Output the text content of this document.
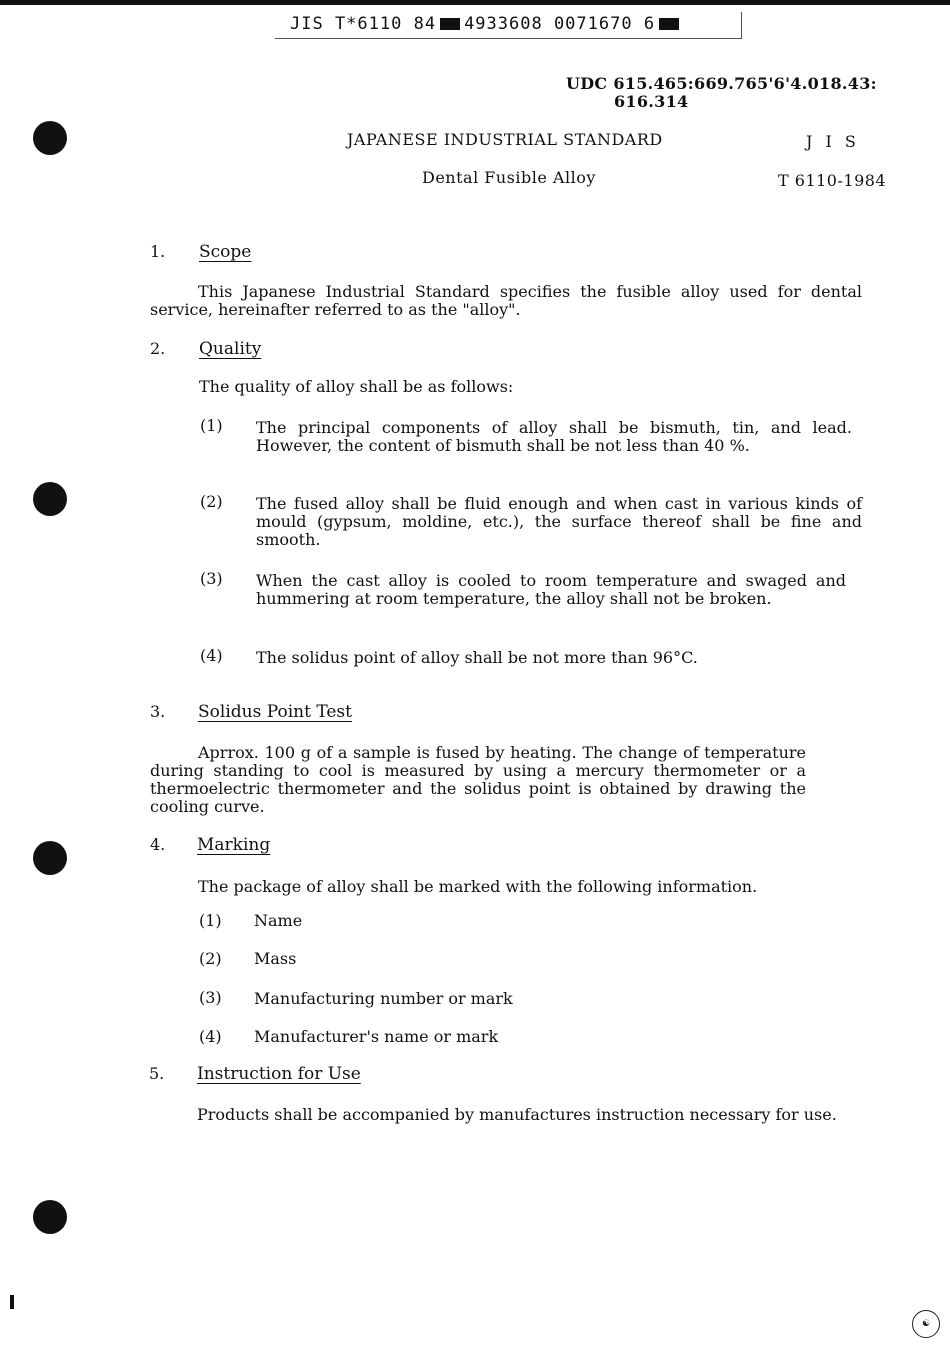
JIS T*6110 84 4933608 0071670 6
UDC 615.465:669.765'6'4.018.43:
616.314
JAPANESE INDUSTRIAL STANDARD	J I S
Dental Fusible Alloy	T 6110-1984
1. Scope
This Japanese Industrial Standard specifies the fusible alloy used for dental service, hereinafter referred to as the "alloy".
2. Quality
The quality of alloy shall be as follows:
(1) The principal components of alloy shall be bismuth, tin, and lead. However, the content of bismuth shall be not less than 40 %.
(2) The fused alloy shall be fluid enough and when cast in various kinds of mould (gypsum, moldine, etc.), the surface thereof shall be fine and smooth.
(3) When the cast alloy is cooled to room temperature and swaged and hummering at room temperature, the alloy shall not be broken.
(4) The solidus point of alloy shall be not more than 96°C.
3. Solidus Point Test
Aprrox. 100 g of a sample is fused by heating. The change of temperature during standing to cool is measured by using a mercury thermometer or a thermoelectric thermometer and the solidus point is obtained by drawing the cooling curve.
4. Marking
The package of alloy shall be marked with the following information.
(1) Name
(2) Mass
(3) Manufacturing number or mark
(4) Manufacturer's name or mark
5. Instruction for Use
Products shall be accompanied by manufactures instruction necessary for use.
☯
